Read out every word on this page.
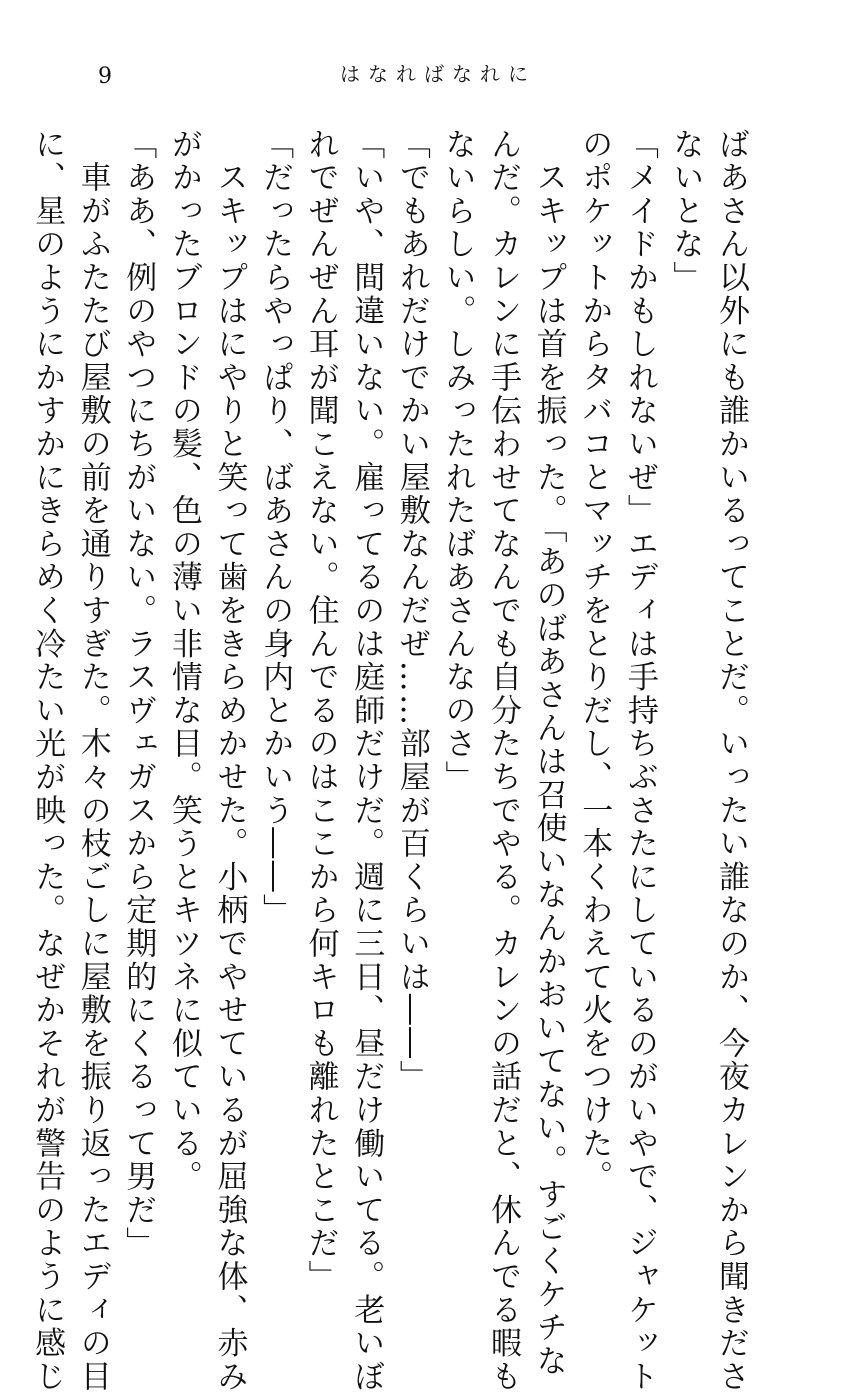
9	はなればなれに
ばあさん以外にも誰かいるってことだ。いったい誰なのか、今夜カレンから聞きださ
ないとな」
「メイドかもしれないぜ」エディは手持ちぶさたにしているのがいやで、ジャケット
のポケットからタバコとマッチをとりだし、一本くわえて火をつけた。
　スキップは首を振った。「あのばあさんは召使いなんかおいてない。すごくケチな
んだ。カレンに手伝わせてなんでも自分たちでやる。カレンの話だと、休んでる暇も
ないらしい。しみったれたばあさんなのさ」
「でもあれだけでかい屋敷なんだぜ……部屋が百くらいは――」
「いや、間違いない。雇ってるのは庭師だけだ。週に三日、昼だけ働いてる。老いぼ
れでぜんぜん耳が聞こえない。住んでるのはここから何キロも離れたとこだ」
「だったらやっぱり、ばあさんの身内とかいう――」
　スキップはにやりと笑って歯をきらめかせた。小柄でやせているが屈強な体、赤み
がかったブロンドの髪、色の薄い非情な目。笑うとキツネに似ている。
「ああ、例のやつにちがいない。ラスヴェガスから定期的にくるって男だ」
　車がふたたび屋敷の前を通りすぎた。木々の枝ごしに屋敷を振り返ったエディの目
に、星のようにかすかにきらめく冷たい光が映った。なぜかそれが警告のように感じ
